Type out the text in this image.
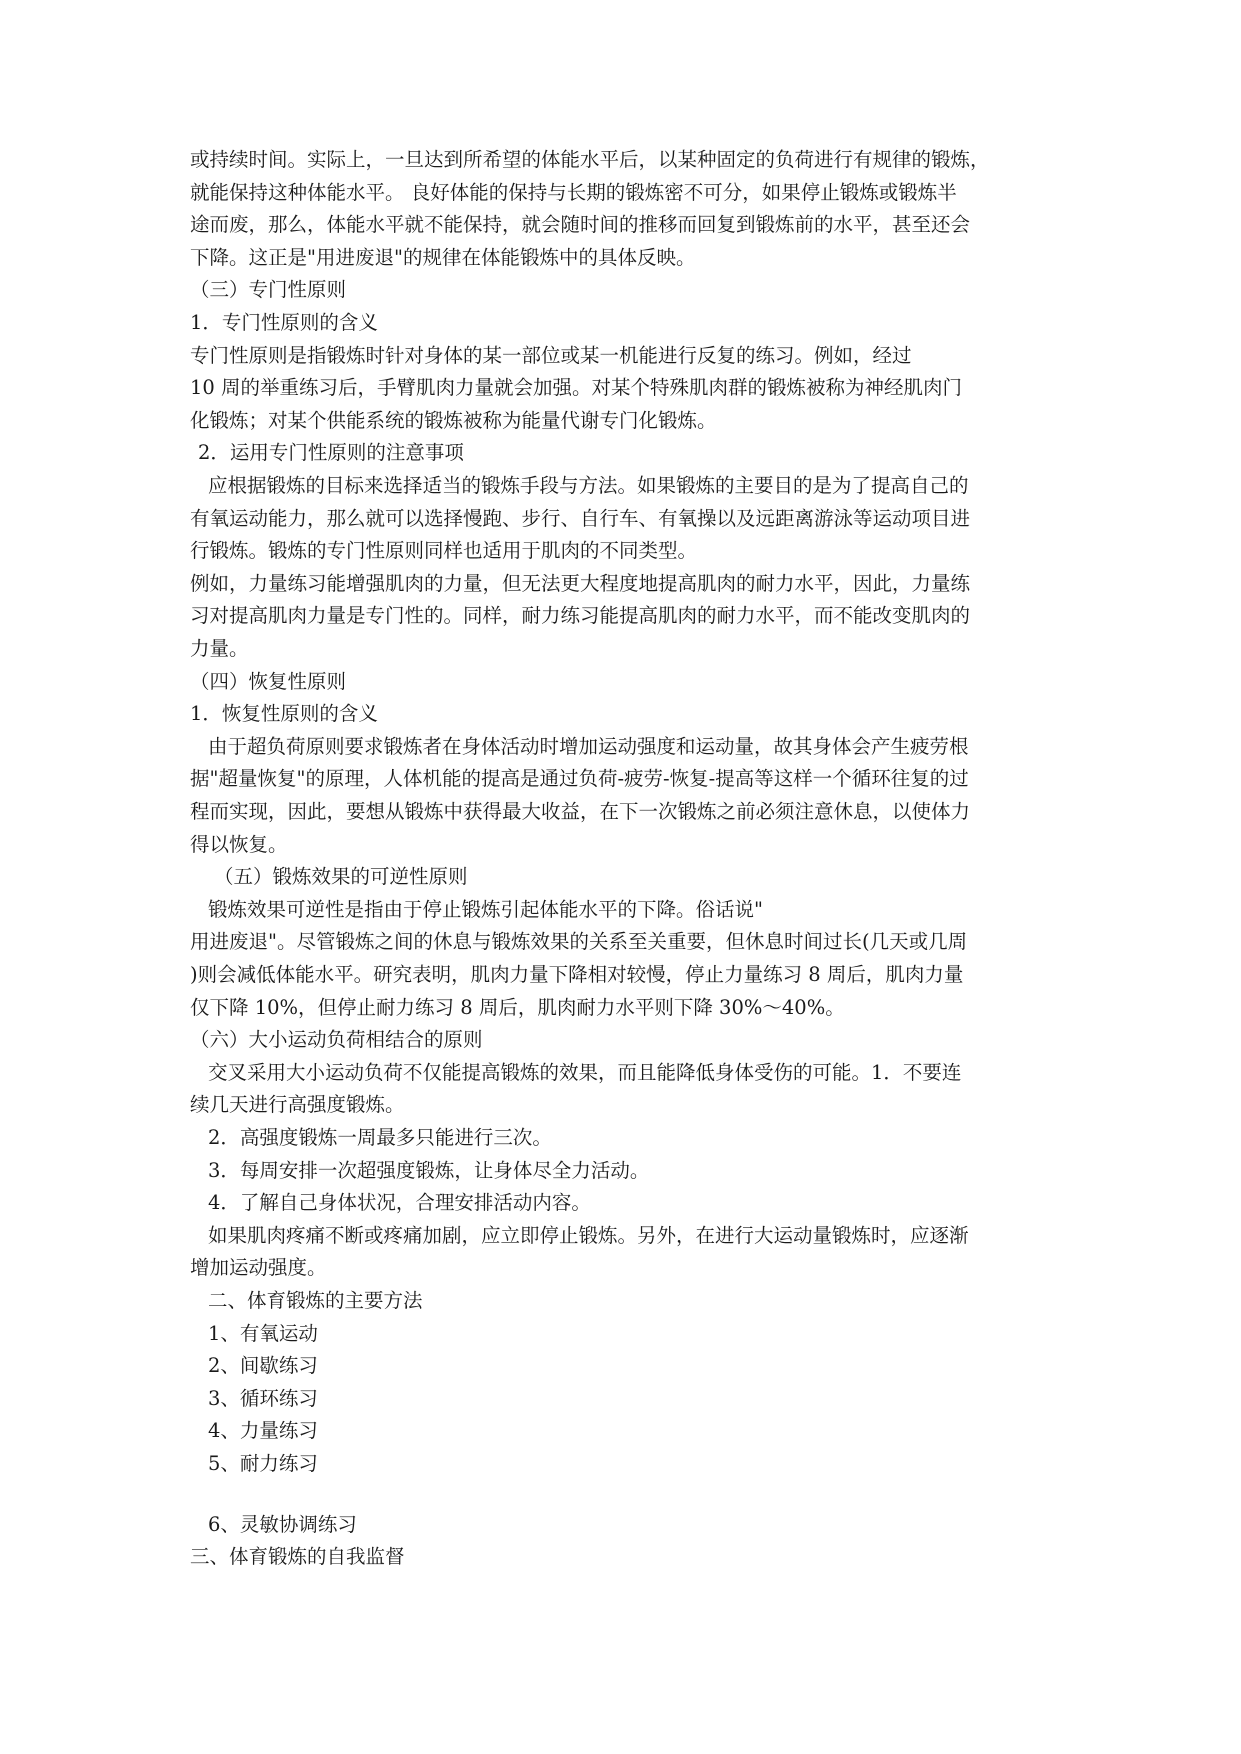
或持续时间。实际上，一旦达到所希望的体能水平后，以某种固定的负荷进行有规律的锻炼，
就能保持这种体能水平。 良好体能的保持与长期的锻炼密不可分，如果停止锻炼或锻炼半
途而废，那么，体能水平就不能保持，就会随时间的推移而回复到锻炼前的水平，甚至还会
下降。这正是"用进废退"的规律在体能锻炼中的具体反映。
（三）专门性原则
1．专门性原则的含义
专门性原则是指锻炼时针对身体的某一部位或某一机能进行反复的练习。例如，经过
10 周的举重练习后，手臂肌肉力量就会加强。对某个特殊肌肉群的锻炼被称为神经肌肉门
化锻炼；对某个供能系统的锻炼被称为能量代谢专门化锻炼。
2．运用专门性原则的注意事项
应根据锻炼的目标来选择适当的锻炼手段与方法。如果锻炼的主要目的是为了提高自己的
有氧运动能力，那么就可以选择慢跑、步行、自行车、有氧操以及远距离游泳等运动项目进
行锻炼。锻炼的专门性原则同样也适用于肌肉的不同类型。
例如，力量练习能增强肌肉的力量，但无法更大程度地提高肌肉的耐力水平，因此，力量练
习对提高肌肉力量是专门性的。同样，耐力练习能提高肌肉的耐力水平，而不能改变肌肉的
力量。
（四）恢复性原则
1．恢复性原则的含义
由于超负荷原则要求锻炼者在身体活动时增加运动强度和运动量，故其身体会产生疲劳根
据"超量恢复"的原理，人体机能的提高是通过负荷-疲劳-恢复-提高等这样一个循环往复的过
程而实现，因此，要想从锻炼中获得最大收益，在下一次锻炼之前必须注意休息，以使体力
得以恢复。
（五）锻炼效果的可逆性原则
锻炼效果可逆性是指由于停止锻炼引起体能水平的下降。俗话说"
用进废退"。尽管锻炼之间的休息与锻炼效果的关系至关重要，但休息时间过长(几天或几周
)则会减低体能水平。研究表明，肌肉力量下降相对较慢，停止力量练习 8 周后，肌肉力量
仅下降 10%，但停止耐力练习 8 周后，肌肉耐力水平则下降 30%～40%。
（六）大小运动负荷相结合的原则
交叉采用大小运动负荷不仅能提高锻炼的效果，而且能降低身体受伤的可能。1．不要连
续几天进行高强度锻炼。
2．高强度锻炼一周最多只能进行三次。
3．每周安排一次超强度锻炼，让身体尽全力活动。
4．了解自己身体状况，合理安排活动内容。
如果肌肉疼痛不断或疼痛加剧，应立即停止锻炼。另外，在进行大运动量锻炼时，应逐渐
增加运动强度。
二、体育锻炼的主要方法
1、有氧运动
2、间歇练习
3、循环练习
4、力量练习
5、耐力练习
6、灵敏协调练习
三、体育锻炼的自我监督
